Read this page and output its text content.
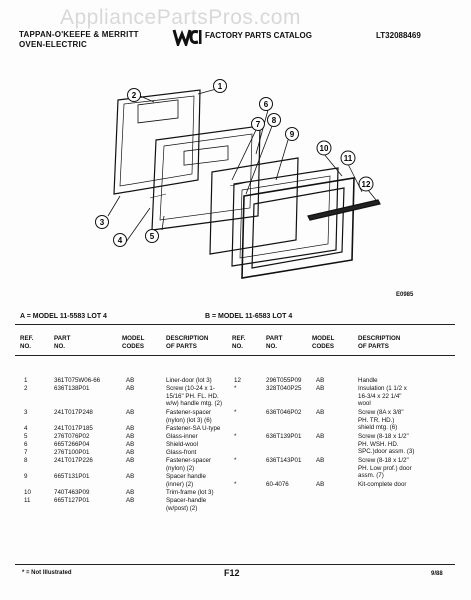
AppliancePartsPros.com
TAPPAN-O'KEEFE & MERRITT
OVEN-ELECTRIC
FACTORY PARTS CATALOG	LT32088469
1
2
3
4	5
6
7 8
9
10
11
12
E0985
A = MODEL 11-5583 LOT 4	B = MODEL 11-6583 LOT 4
REF.
NO.
PART
NO.
MODEL
CODES
DESCRIPTION
OF PARTS
1	361T075W06-66	AB	Liner-door (lot 3)
2	636T138P01	AB	Screw (10-24 x 1-
15/16" PH. FL. HD.
w/w) handle mtg. (2)
3	241T017P248	AB	Fastener-spacer
(nylon) (lot 3) (6)
4	241T017P185	AB	Fastener-SA U-type
5	276T076P02	AB	Glass-inner
6	665T266P04	AB	Shield-wool
7	276T100P01	AB	Glass-front
8	241T017P226	AB	Fastener-spacer
(nylon) (2)
9	665T131P01	AB	Spacer handle
(inner) (2)
10	740T463P09	AB	Trim-frame (lot 3)
11	665T127P01	AB	Spacer-handle
(w/post) (2)
REF.
NO.
PART
NO.
MODEL
CODES
DESCRIPTION
OF PARTS
12	296T055P09 AB	Handle
*	328T040P25 AB	Insulation (1 1/2 x
16-3/4 x 22 1/4"
wool
*	636T046P02 AB	Screw (8A x 3/8"
PH. TR. HD.)
shield mtg. (6)
*	636T139P01 AB	Screw (8-18 x 1/2"
PH. WSH. HD.
SPC.)door assm. (3)
*	636T143P01 AB	Screw (8-18 x 1/2"
PH. Low prof.) door
assm. (7)
*	60-4076	AB	Kit-complete door
* = Not Illustrated	F12	9/88
